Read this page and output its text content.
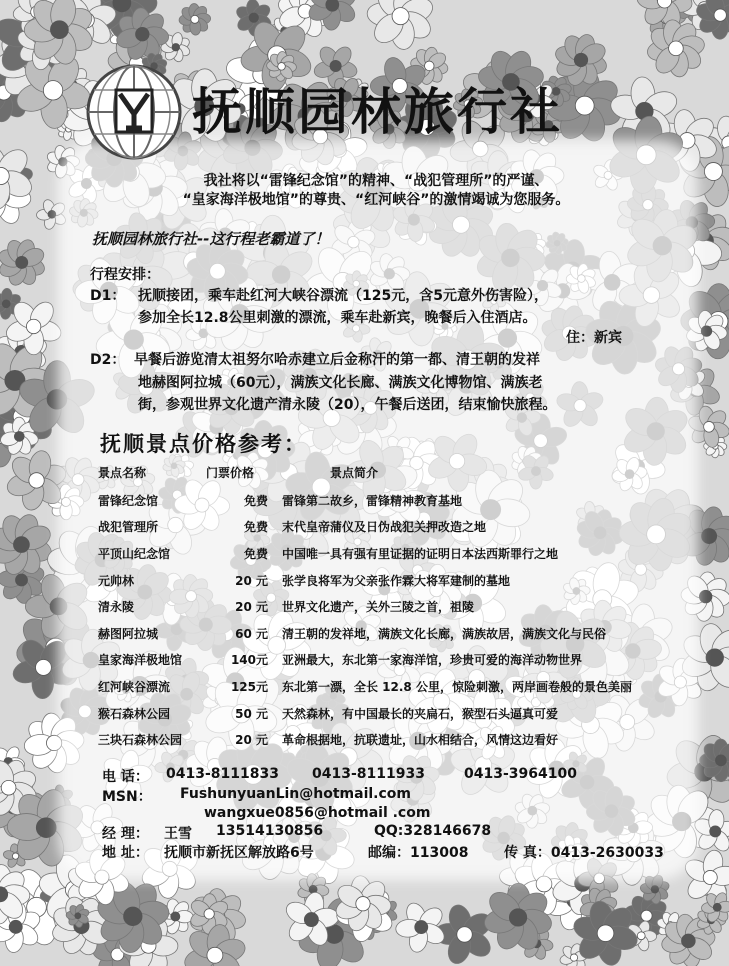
抚顺园林旅行社

我社将以“雷锋纪念馆”的精神、“战犯管理所”的严谨、

“皇家海洋极地馆”的尊贵、“红河峡谷”的激情竭诚为您服务。

抚顺园林旅行社--这行程老霸道了！
行程安排：
D1： 抚顺接团，乘车赴红河大峡谷漂流（125元，含5元意外伤害险），
参加全长12.8公里刺激的漂流，乘车赴新宾，晚餐后入住酒店。
住：新宾
D2： 早餐后游览清太祖努尔哈赤建立后金称汗的第一都、清王朝的发祥
地赫图阿拉城（60元），满族文化长廊、满族文化博物馆、满族老
街，参观世界文化遗产清永陵（20），午餐后送团，结束愉快旅程。
抚顺景点价格参考：
景点名称	门票价格	景点简介
雷锋纪念馆	免费	雷锋第二故乡，雷锋精神教育基地
战犯管理所	免费	末代皇帝蒲仪及日伪战犯关押改造之地
平顶山纪念馆	免费	中国唯一具有强有里证据的证明日本法西斯罪行之地
元帅林	20 元	张学良将军为父亲张作霖大将军建制的墓地
清永陵	20 元	世界文化遗产，关外三陵之首，祖陵
赫图阿拉城	60 元	清王朝的发祥地，满族文化长廊，满族故居，满族文化与民俗
皇家海洋极地馆	140元	亚洲最大，东北第一家海洋馆，珍贵可爱的海洋动物世界
红河峡谷漂流	125元	东北第一漂，全长 12.8 公里，惊险刺激，两岸画卷般的景色美丽
猴石森林公园	50 元	天然森林，有中国最长的夹扁石，猴型石头逼真可爱
三块石森林公园	20 元	革命根据地，抗联遗址，山水相结合，风情这边看好
电 话： 0413-8111833 0413-8111933	0413-3964100
MSN： FushunyuanLin@hotmail.com
wangxue0856@hotmail .com
经 理： 王雪 13514130856	QQ:328146678
地 址： 抚顺市新抚区解放路6号	邮编：113008	传 真：0413-2630033
